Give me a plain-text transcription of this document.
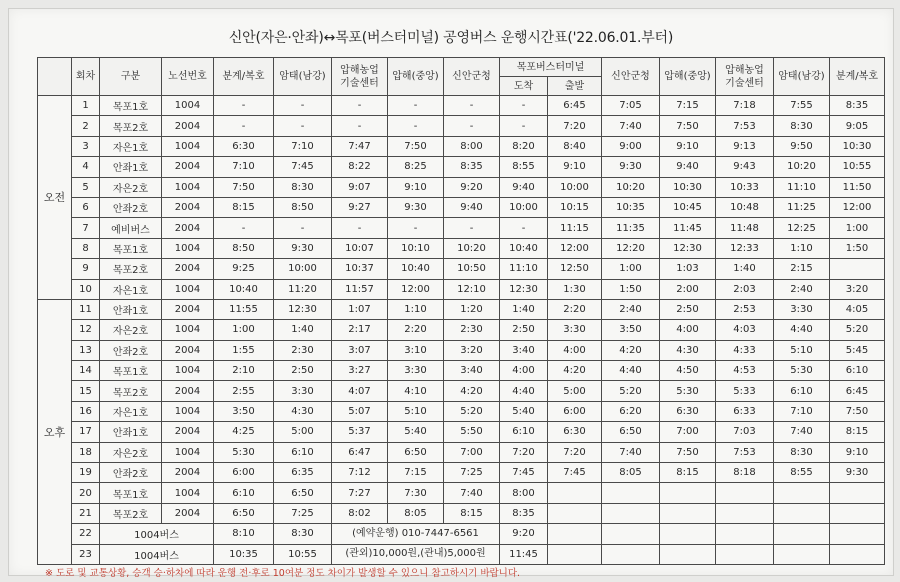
신안(자은·안좌)↔목포(버스터미널) 공영버스 운행시간표('22.06.01.부터)
	회차	구분	노선번호	분계/복호	암태(남강)	압해농업
기술센터	압해(중앙)	신안군청	목포버스터미널		신안군청	압해(중앙)	압해농업
기술센터	암태(남강)	분계/복호
									도착	출발					
오전	1	목포1호	1004	-	-	-	-	-	-	6:45	7:05	7:15	7:18	7:55	8:35
	2	목포2호	2004	-	-	-	-	-	-	7:20	7:40	7:50	7:53	8:30	9:05
	3	자은1호	1004	6:30	7:10	7:47	7:50	8:00	8:20	8:40	9:00	9:10	9:13	9:50	10:30
	4	안좌1호	2004	7:10	7:45	8:22	8:25	8:35	8:55	9:10	9:30	9:40	9:43	10:20	10:55
	5	자은2호	1004	7:50	8:30	9:07	9:10	9:20	9:40	10:00	10:20	10:30	10:33	11:10	11:50
	6	안좌2호	2004	8:15	8:50	9:27	9:30	9:40	10:00	10:15	10:35	10:45	10:48	11:25	12:00
	7	예비버스	2004	-	-	-	-	-	-	11:15	11:35	11:45	11:48	12:25	1:00
	8	목포1호	1004	8:50	9:30	10:07	10:10	10:20	10:40	12:00	12:20	12:30	12:33	1:10	1:50
	9	목포2호	2004	9:25	10:00	10:37	10:40	10:50	11:10	12:50	1:00	1:03	1:40	2:15	
	10	자은1호	1004	10:40	11:20	11:57	12:00	12:10	12:30	1:30	1:50	2:00	2:03	2:40	3:20
오후	11	안좌1호	2004	11:55	12:30	1:07	1:10	1:20	1:40	2:20	2:40	2:50	2:53	3:30	4:05
	12	자은2호	1004	1:00	1:40	2:17	2:20	2:30	2:50	3:30	3:50	4:00	4:03	4:40	5:20
	13	안좌2호	2004	1:55	2:30	3:07	3:10	3:20	3:40	4:00	4:20	4:30	4:33	5:10	5:45
	14	목포1호	1004	2:10	2:50	3:27	3:30	3:40	4:00	4:20	4:40	4:50	4:53	5:30	6:10
	15	목포2호	2004	2:55	3:30	4:07	4:10	4:20	4:40	5:00	5:20	5:30	5:33	6:10	6:45
	16	자은1호	1004	3:50	4:30	5:07	5:10	5:20	5:40	6:00	6:20	6:30	6:33	7:10	7:50
	17	안좌1호	2004	4:25	5:00	5:37	5:40	5:50	6:10	6:30	6:50	7:00	7:03	7:40	8:15
	18	자은2호	1004	5:30	6:10	6:47	6:50	7:00	7:20	7:20	7:40	7:50	7:53	8:30	9:10
	19	안좌2호	2004	6:00	6:35	7:12	7:15	7:25	7:45	7:45	8:05	8:15	8:18	8:55	9:30
	20	목포1호	1004	6:10	6:50	7:27	7:30	7:40	8:00						
	21	목포2호	2004	6:50	7:25	8:02	8:05	8:15	8:35						
	22	1004버스		8:10	8:30	(예약운행) 010-7447-6561			9:20						
	23	1004버스		10:35	10:55	(관외)10,000원,(관내)5,000원			11:45						
※ 도로 및 교통상황, 승객 승·하차에 따라 운행 전·후로 10여분 정도 차이가 발생할 수 있으니 참고하시기 바랍니다.
